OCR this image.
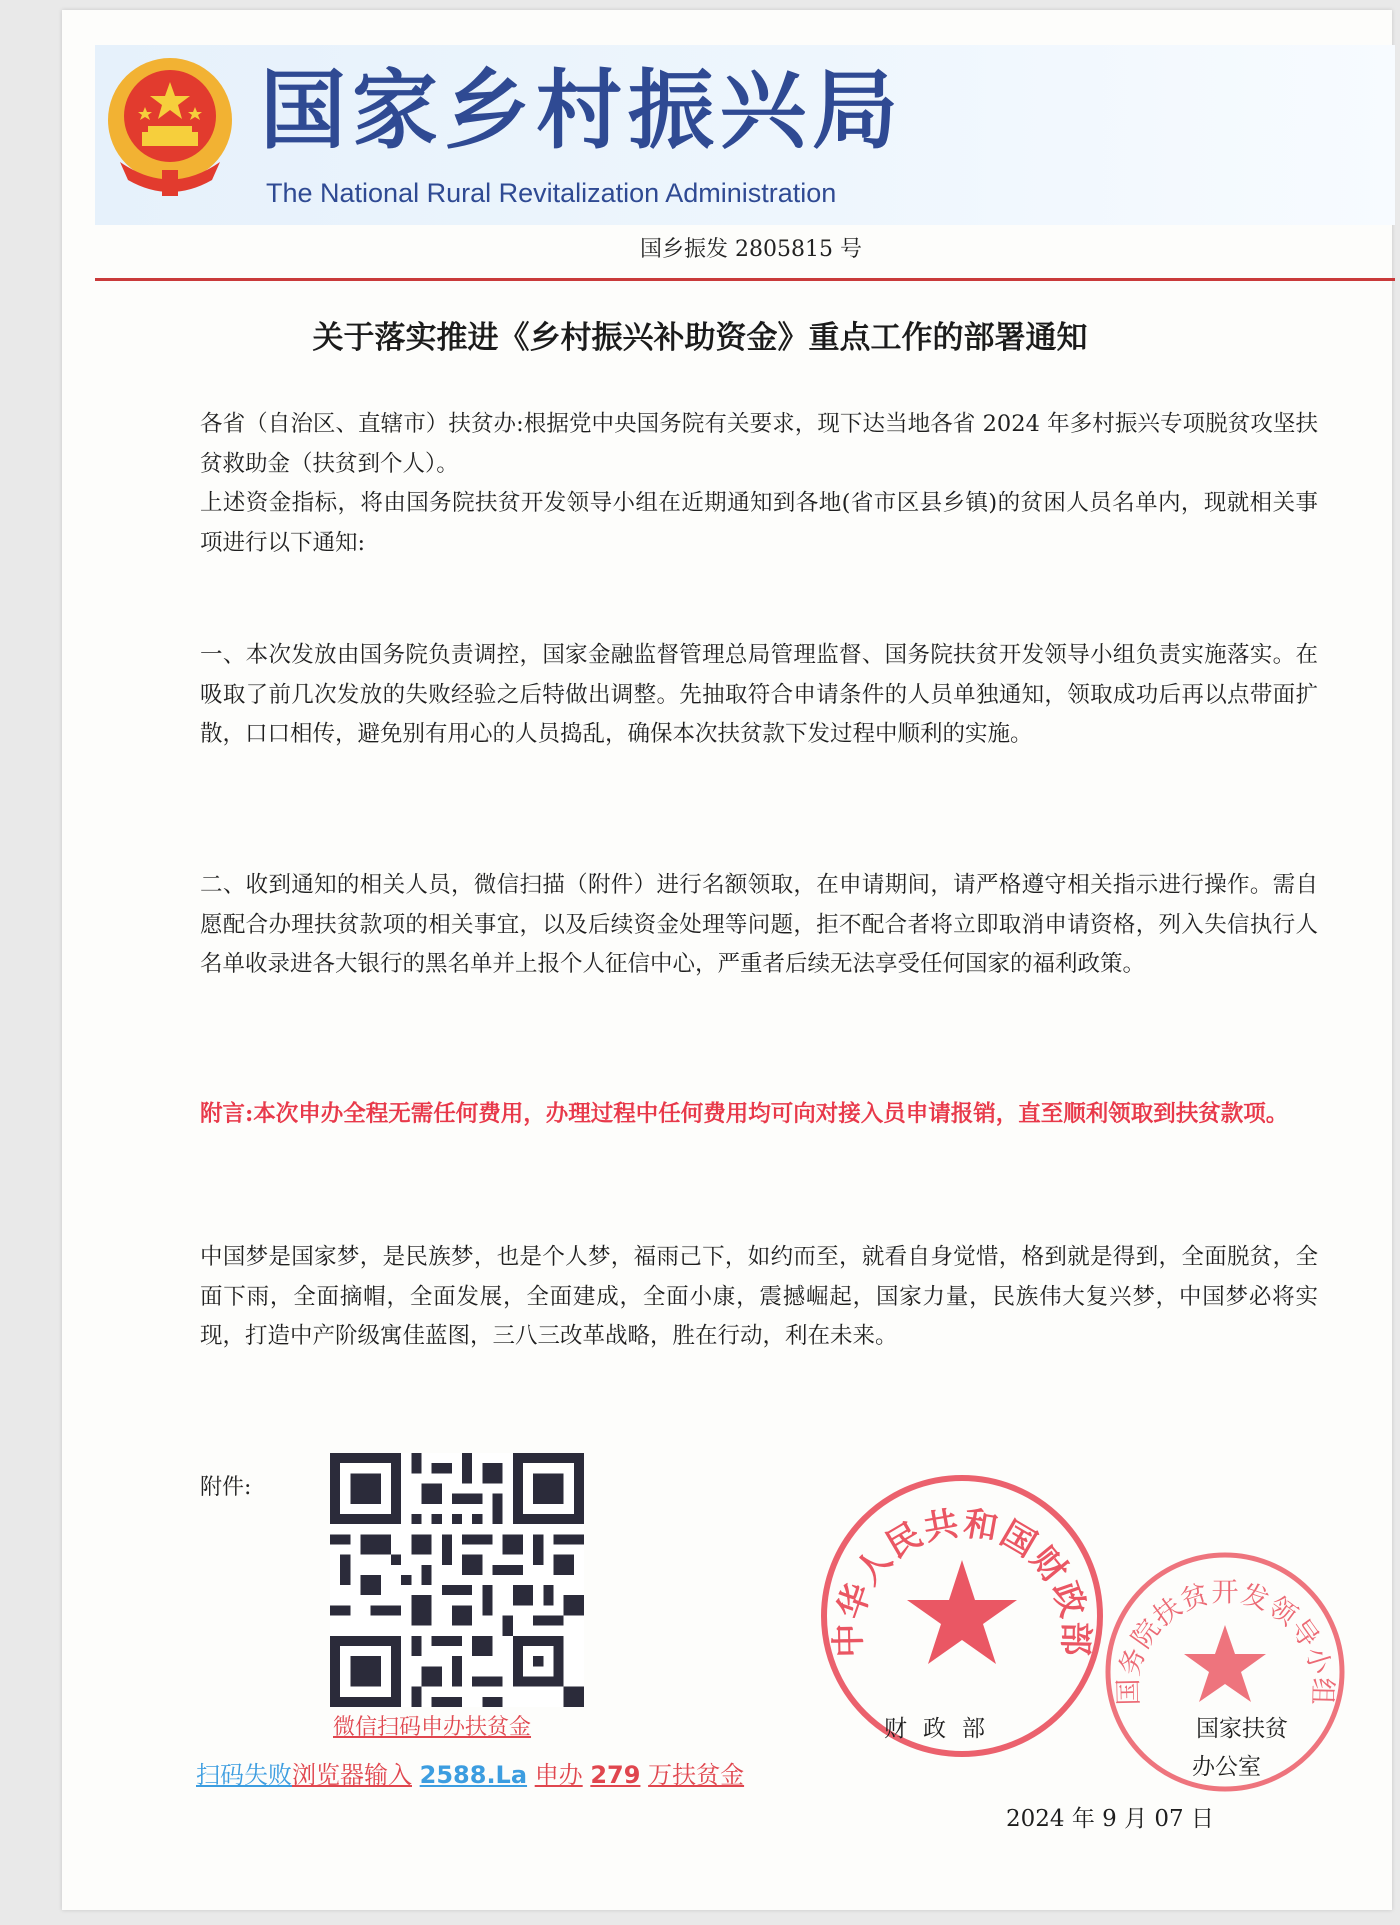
国家乡村振兴局
The National Rural Revitalization Administration
国乡振发 2805815 号
关于落实推进《乡村振兴补助资金》重点工作的部署通知

各省（自治区、直辖市）扶贫办:根据党中央国务院有关要求，现下达当地各省 2024 年多村振兴专项脱贫攻坚扶贫救助金（扶贫到个人）。
上述资金指标，将由国务院扶贫开发领导小组在近期通知到各地(省市区县乡镇)的贫困人员名单内，现就相关事项进行以下通知:

一、本次发放由国务院负责调控，国家金融监督管理总局管理监督、国务院扶贫开发领导小组负责实施落实。在吸取了前几次发放的失败经验之后特做出调整。先抽取符合申请条件的人员单独通知，领取成功后再以点带面扩散，口口相传，避免别有用心的人员捣乱，确保本次扶贫款下发过程中顺利的实施。

二、收到通知的相关人员，微信扫描（附件）进行名额领取，在申请期间，请严格遵守相关指示进行操作。需自愿配合办理扶贫款项的相关事宜，以及后续资金处理等问题，拒不配合者将立即取消申请资格，列入失信执行人名单收录进各大银行的黑名单并上报个人征信中心，严重者后续无法享受任何国家的福利政策。

附言:本次申办全程无需任何费用，办理过程中任何费用均可向对接入员申请报销，直至顺利领取到扶贫款项。

中国梦是国家梦，是民族梦，也是个人梦，福雨己下，如约而至，就看自身觉惜，格到就是得到，全面脱贫，全面下雨，全面摘帽，全面发展，全面建成，全面小康，震撼崛起，国家力量，民族伟大复兴梦，中国梦必将实现，打造中产阶级寓佳蓝图，三八三改革战略，胜在行动，利在未来。

附件:
微信扫码申办扶贫金
扫码失败浏览器输入 2588.La 申办 279 万扶贫金
中华人民共和国财政部
财政部
国务院扶贫开发领导小组
国家扶贫
办公室
2024 年 9 月 07 日
